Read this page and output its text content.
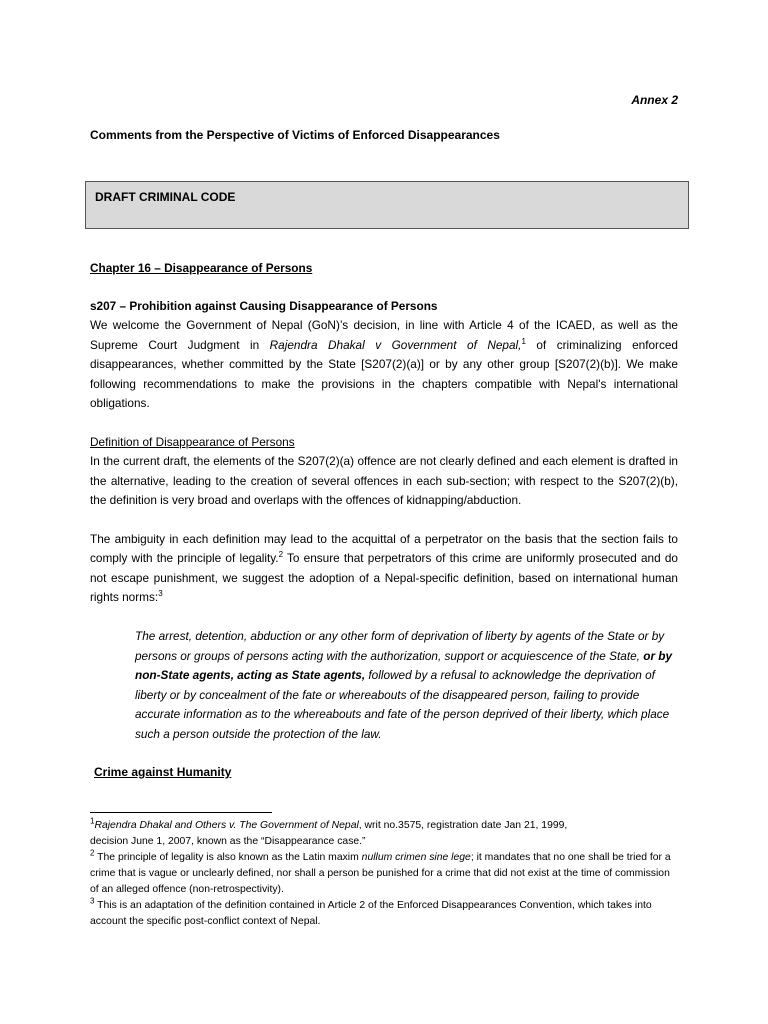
Annex 2
Comments from the Perspective of Victims of Enforced Disappearances
DRAFT CRIMINAL CODE
Chapter 16 – Disappearance of Persons
s207 – Prohibition against Causing Disappearance of Persons
We welcome the Government of Nepal (GoN)’s decision, in line with Article 4 of the ICAED, as well as the Supreme Court Judgment in Rajendra Dhakal v Government of Nepal,$^1$ of criminalizing enforced disappearances, whether committed by the State [S207(2)(a)] or by any other group [S207(2)(b)]. We make following recommendations to make the provisions in the chapters compatible with Nepal's international obligations.
Definition of Disappearance of Persons
In the current draft, the elements of the S207(2)(a) offence are not clearly defined and each element is drafted in the alternative, leading to the creation of several offences in each sub-section; with respect to the S207(2)(b), the definition is very broad and overlaps with the offences of kidnapping/abduction.
The ambiguity in each definition may lead to the acquittal of a perpetrator on the basis that the section fails to comply with the principle of legality.$^2$ To ensure that perpetrators of this crime are uniformly prosecuted and do not escape punishment, we suggest the adoption of a Nepal-specific definition, based on international human rights norms:$^3$
The arrest, detention, abduction or any other form of deprivation of liberty by agents of the State or by persons or groups of persons acting with the authorization, support or acquiescence of the State, or by non-State agents, acting as State agents, followed by a refusal to acknowledge the deprivation of liberty or by concealment of the fate or whereabouts of the disappeared person, failing to provide accurate information as to the whereabouts and fate of the person deprived of their liberty, which place such a person outside the protection of the law.
Crime against Humanity

$^1$Rajendra Dhakal and Others v. The Government of Nepal, writ no.3575, registration date Jan 21, 1999,
decision June 1, 2007, known as the “Disappearance case.”

$^2$ The principle of legality is also known as the Latin maxim nullum crimen sine lege; it mandates that no one shall be tried for a crime that is vague or unclearly defined, nor shall a person be punished for a crime that did not exist at the time of commission of an alleged offence (non-retrospectivity).

$^3$ This is an adaptation of the definition contained in Article 2 of the Enforced Disappearances Convention, which takes into account the specific post-conflict context of Nepal.
